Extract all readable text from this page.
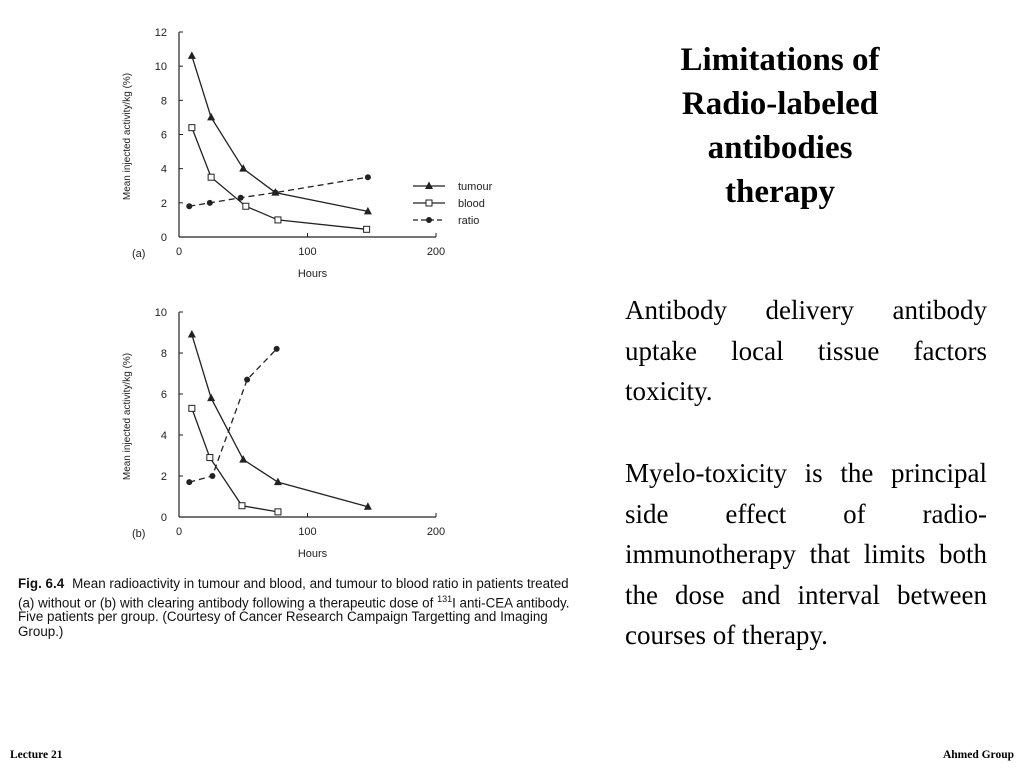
0
2
4
6
8
10
12
0	100	200
Hours
Mean injected activity/kg (%)
(a)
tumour
blood
ratio
0
2
4
6
8
10
0	100	200
Hours
Mean injected activity/kg (%)
(b)
Fig. 6.4 Mean radioactivity in tumour and blood, and tumour to blood ratio in patients treated (a) without or (b) with clearing antibody following a therapeutic dose of $^{131}$I anti-CEA antibody. Five patients per group. (Courtesy of Cancer Research Campaign Targetting and Imaging Group.)
Limitations of
Radio-labeled
antibodies
therapy

Antibody delivery antibody uptake local tissue factors toxicity.

Myelo-toxicity is the principal side effect of radio-immunotherapy that limits both the dose and interval between courses of therapy.

Lecture 21	Ahmed Group
